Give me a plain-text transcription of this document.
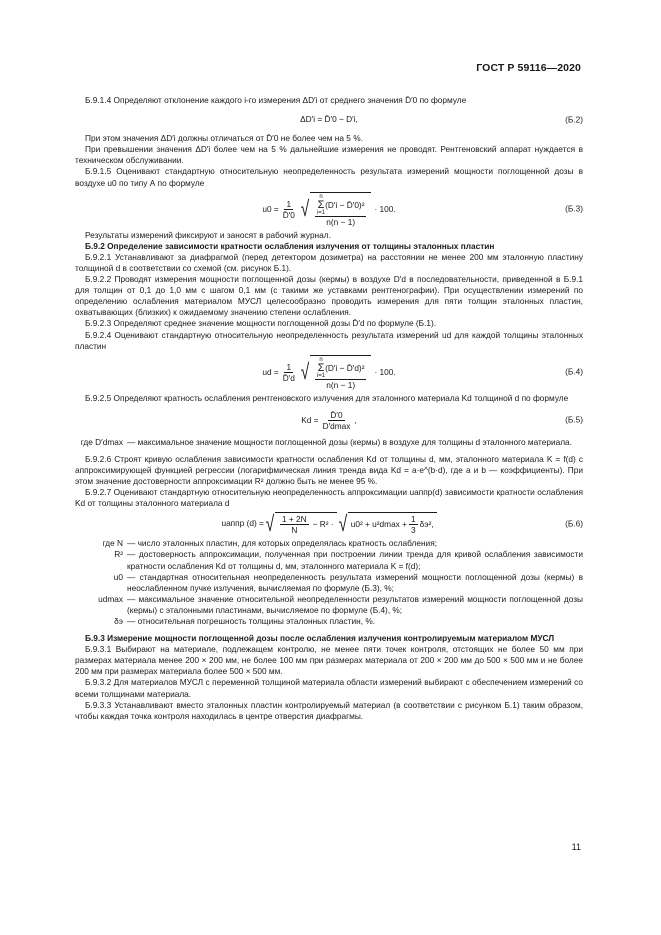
ГОСТ Р 59116—2020

Б.9.1.4 Определяют отклонение каждого i-го измерения ΔD′i от среднего значения D̄′0 по формуле

ΔD′i = D̄′0 − D′i,	(Б.2)

При этом значения ΔD′i должны отличаться от D̄′0 не более чем на 5 %.

При превышении значения ΔD′i более чем на 5 % дальнейшие измерения не проводят. Рентгеновский аппарат нуждается в техническом обслуживании.

Б.9.1.5 Оценивают стандартную относительную неопределенность результата измерений мощности поглощенной дозы в воздухе u0 по типу А по формуле

$u0 = \frac{1}{D̄'0}$ √ n
Σ
i=1
(D′i − D̄′0)²
n(n − 1)
· 100.	(Б.3)

Результаты измерений фиксируют и заносят в рабочий журнал.

Б.9.2 Определение зависимости кратности ослабления излучения от толщины эталонных пластин

Б.9.2.1 Устанавливают за диафрагмой (перед детектором дозиметра) на расстоянии не менее 200 мм эталонную пластину толщиной d в соответствии со схемой (см. рисунок Б.1).

Б.9.2.2 Проводят измерения мощности поглощенной дозы (кермы) в воздухе D′d в последовательности, приведенной в Б.9.1 для толщин от 0,1 до 1,0 мм с шагом 0,1 мм (с такими же уставками рентгенографии). При осуществлении измерений по определению ослабления материалом МУСЛ целесообразно проводить измерения для пяти толщин эталонных пластин, охватывающих (близких) к ожидаемому значению степени ослабления.

Б.9.2.3 Определяют среднее значение мощности поглощенной дозы D̄′d по формуле (Б.1).

Б.9.2.4 Оценивают стандартную относительную неопределенность результата измерений ud для каждой толщины эталонных пластин

ud = $\frac{1}{D̄'d}$ √ n
Σ
i=1
(D′i − D̄′d)²
n(n − 1)
· 100.	(Б.4)

Б.9.2.5 Определяют кратность ослабления рентгеновского излучения для эталонного материала Kd толщиной d по формуле

$Kd = \frac{D̄'0}{D'dmax}$ ,	(Б.5)
где D′dmax — максимальное значение мощности поглощенной дозы (кермы) в воздухе для толщины d эталонного материала.

Б.9.2.6 Строят кривую ослабления зависимости кратности ослабления Kd от толщины d, мм, эталонного материала K = f(d) с аппроксимирующей функцией регрессии (логарифмическая линия тренда вида Kd = a·e^(b·d), где a и b — коэффициенты). При этом значение достоверности аппроксимации R² должно быть не менее 95 %.

Б.9.2.7 Оценивают стандартную относительную неопределенность аппроксимации uаппр(d) зависимости кратности ослабления Kd от толщины эталонного материала d

uаппр (d) = √ $\frac{1 + 2N}{N} - R^2$ · √ $u0^2 + u^2dmax + \frac{1}{3} \delta э^2$,	(Б.6)
где N — число эталонных пластин, для которых определялась кратность ослабления;
R² — достоверность аппроксимации, полученная при построении линии тренда для кривой ослабления зависимости кратности ослабления Kd от толщины d, мм, эталонного материала K = f(d);
u0 — стандартная относительная неопределенность результата измерений мощности поглощенной дозы (кермы) в неослабленном пучке излучения, вычисляемая по формуле (Б.3), %;
udmax — максимальное значение относительной неопределенности результатов измерений мощности поглощенной дозы (кермы) с эталонными пластинами, вычисляемое по формуле (Б.4), %;
δэ — относительная погрешность толщины эталонных пластин, %.

Б.9.3 Измерение мощности поглощенной дозы после ослабления излучения контролируемым материалом МУСЛ

Б.9.3.1 Выбирают на материале, подлежащем контролю, не менее пяти точек контроля, отстоящих не более 50 мм при размерах материала менее 200 × 200 мм, не более 100 мм при размерах материала от 200 × 200 мм до 500 × 500 мм и не более 200 мм при размерах материала более 500 × 500 мм.

Б.9.3.2 Для материалов МУСЛ с переменной толщиной материала области измерений выбирают с обеспечением измерений со всеми толщинами материала.

Б.9.3.3 Устанавливают вместо эталонных пластин контролируемый материал (в соответствии с рисунком Б.1) таким образом, чтобы каждая точка контроля находилась в центре отверстия диафрагмы.

11
